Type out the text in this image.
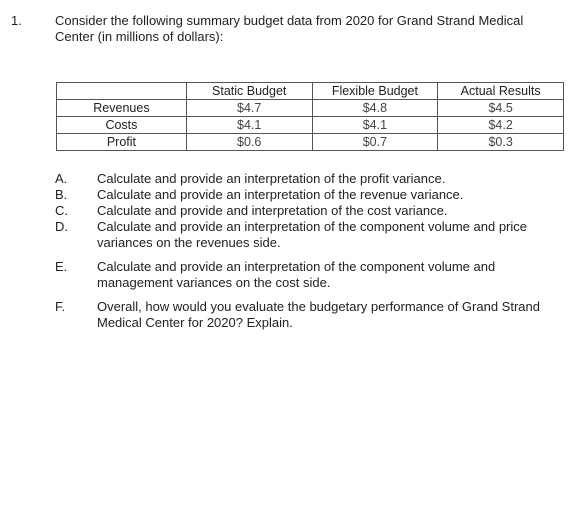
1.	Consider the following summary budget data from 2020 for Grand Strand Medical Center (in millions of dollars):
	Static Budget	Flexible Budget	Actual Results
Revenues	$4.7	$4.8	$4.5
Costs	$4.1	$4.1	$4.2
Profit	$0.6	$0.7	$0.3
A.	Calculate and provide an interpretation of the profit variance.
B.	Calculate and provide an interpretation of the revenue variance.
C.	Calculate and provide and interpretation of the cost variance.
D.	Calculate and provide an interpretation of the component volume and price variances on the revenues side.
E.	Calculate and provide an interpretation of the component volume and management variances on the cost side.
F.	Overall, how would you evaluate the budgetary performance of Grand Strand Medical Center for 2020? Explain.
